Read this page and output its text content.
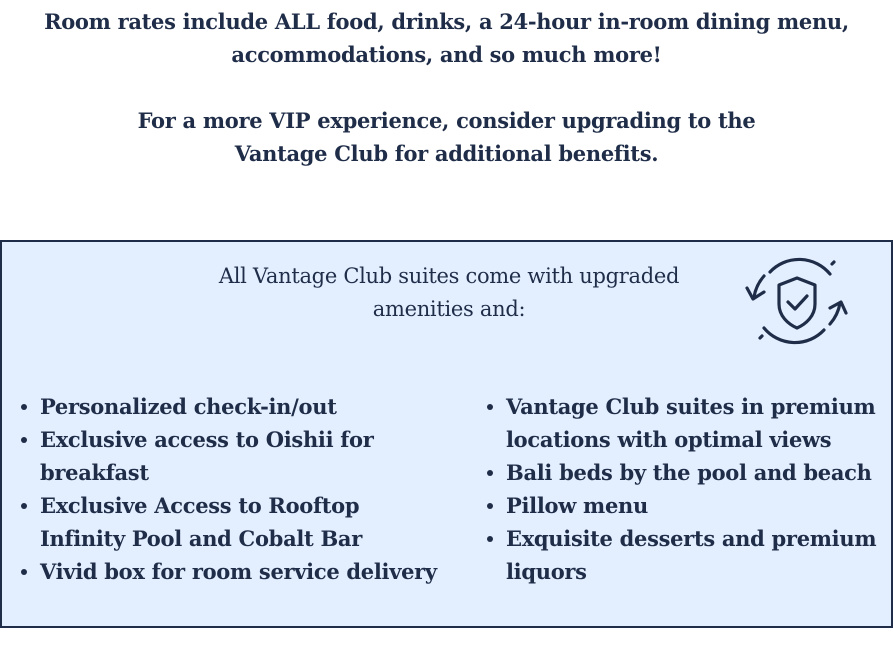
Room rates include ALL food, drinks, a 24-hour in-room dining menu,

accommodations, and so much more!

For a more VIP experience, consider upgrading to the

Vantage Club for additional benefits.

All Vantage Club suites come with upgraded

amenities and:

Personalized check-in/out
Exclusive access to Oishii for breakfast
Exclusive Access to Rooftop Infinity Pool and Cobalt Bar
Vivid box for room service delivery
Vantage Club suites in premium locations with optimal views
Bali beds by the pool and beach
Pillow menu
Exquisite desserts and premium liquors
